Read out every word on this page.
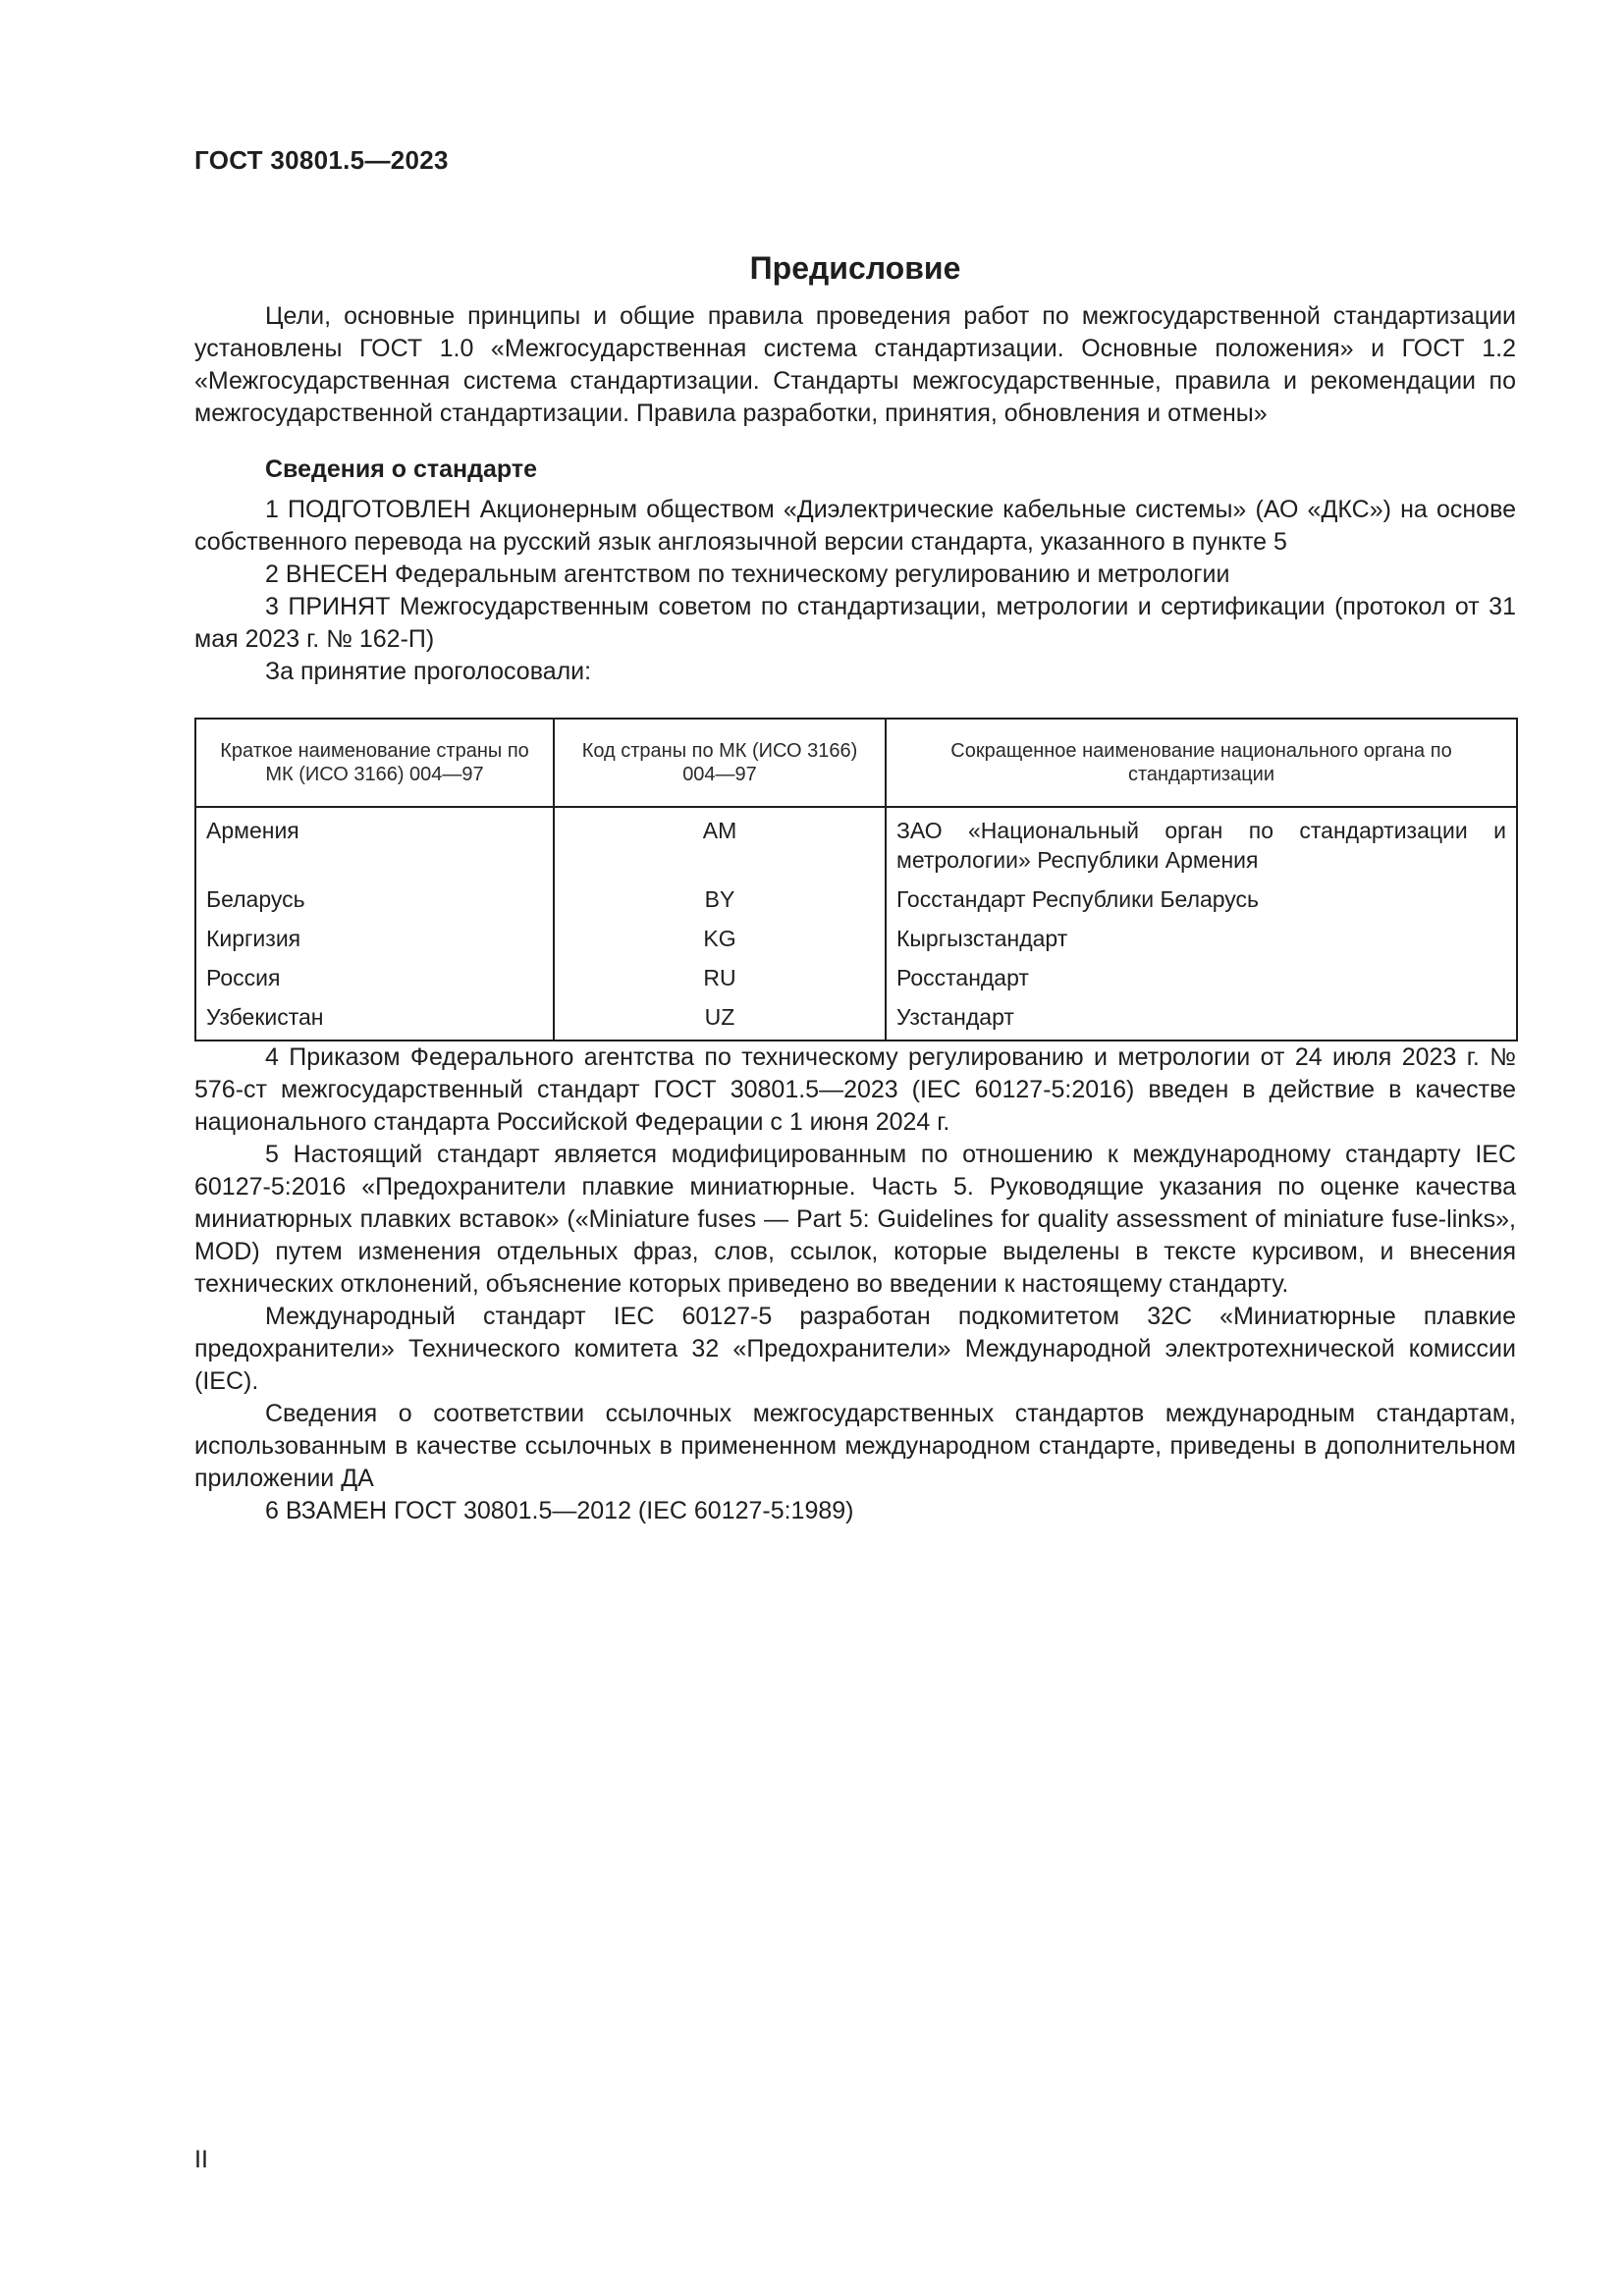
ГОСТ 30801.5—2023
Предисловие

Цели, основные принципы и общие правила проведения работ по межгосударственной стандартизации установлены ГОСТ 1.0 «Межгосударственная система стандартизации. Основные положения» и ГОСТ 1.2 «Межгосударственная система стандартизации. Стандарты межгосударственные, правила и рекомендации по межгосударственной стандартизации. Правила разработки, принятия, обновления и отмены»

Сведения о стандарте

1 ПОДГОТОВЛЕН Акционерным обществом «Диэлектрические кабельные системы» (АО «ДКС») на основе собственного перевода на русский язык англоязычной версии стандарта, указанного в пункте 5

2 ВНЕСЕН Федеральным агентством по техническому регулированию и метрологии

3 ПРИНЯТ Межгосударственным советом по стандартизации, метрологии и сертификации (протокол от 31 мая 2023 г. № 162-П)

За принятие проголосовали:

Краткое наименование страны по МК (ИСО 3166) 004—97	Код страны по МК (ИСО 3166) 004—97	Сокращенное наименование национального органа по стандартизации
Армения	AM	ЗАО «Национальный орган по стандартизации и метрологии» Республики Армения
Беларусь	BY	Госстандарт Республики Беларусь
Киргизия	KG	Кыргызстандарт
Россия	RU	Росстандарт
Узбекистан	UZ	Узстандарт

4 Приказом Федерального агентства по техническому регулированию и метрологии от 24 июля 2023 г. № 576-ст межгосударственный стандарт ГОСТ 30801.5—2023 (IEC 60127-5:2016) введен в действие в качестве национального стандарта Российской Федерации с 1 июня 2024 г.

5 Настоящий стандарт является модифицированным по отношению к международному стандарту IEC 60127-5:2016 «Предохранители плавкие миниатюрные. Часть 5. Руководящие указания по оценке качества миниатюрных плавких вставок» («Miniature fuses — Part 5: Guidelines for quality assessment of miniature fuse-links», MOD) путем изменения отдельных фраз, слов, ссылок, которые выделены в тексте курсивом, и внесения технических отклонений, объяснение которых приведено во введении к настоящему стандарту.

Международный стандарт IEC 60127-5 разработан подкомитетом 32С «Миниатюрные плавкие предохранители» Технического комитета 32 «Предохранители» Международной электротехнической комиссии (IEC).

Сведения о соответствии ссылочных межгосударственных стандартов международным стандартам, использованным в качестве ссылочных в примененном международном стандарте, приведены в дополнительном приложении ДА

6 ВЗАМЕН ГОСТ 30801.5—2012 (IEC 60127-5:1989)

II
